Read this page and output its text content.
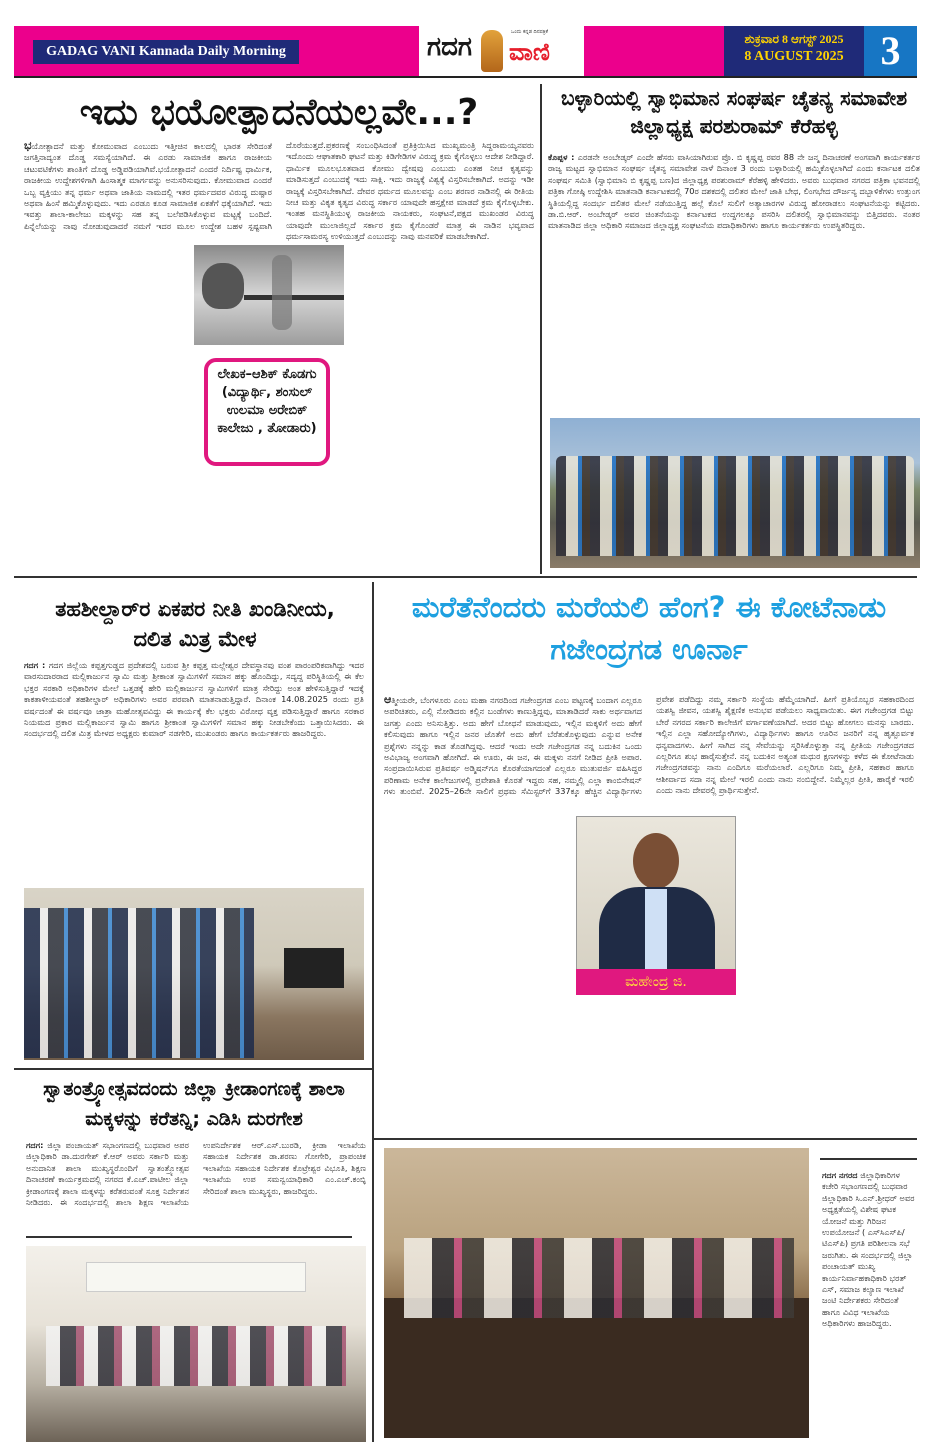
GADAG VANI Kannada Daily Morning	ಗದಗ	ಒಂದು ಕನ್ನಡ ದಿನಪತ್ರಿಕೆ
ವಾಣಿ	ಶುಕ್ರವಾರ 8 ಆಗಸ್ಟ್ 2025
8 AUGUST 2025 3
ಇದು ಭಯೋತ್ಪಾದನೆಯಲ್ಲವೇ...?
ಭಯೋತ್ಪಾದನೆ ಮತ್ತು ಕೋಮುವಾದ ಎಂಬುದು ಇತ್ತೀಚಿನ ಕಾಲದಲ್ಲಿ ಭಾರತ ಸೇರಿದಂತೆ ಜಗತ್ತಿನಾದ್ಯಂತ ದೊಡ್ಡ ಸಮಸ್ಯೆಯಾಗಿದೆ. ಈ ಎರಡು ಸಾಮಾಜಿಕ ಹಾಗೂ ರಾಜಕೀಯ ಚಟುವಟಿಕೆಗಳು ಶಾಂತಿಗೆ ದೊಡ್ಡ ಅಡ್ಡಿಪಡಿಯಾಗಿವೆ.ಭಯೋತ್ಪಾದನೆ ಎಂದರೆ ನಿರ್ದಿಷ್ಟ ಧಾರ್ಮಿಕ, ರಾಜಕೀಯ ಉದ್ದೇಶಗಳಿಗಾಗಿ ಹಿಂಸಾತ್ಮಕ ಮಾರ್ಗವನ್ನು ಅನುಸರಿಸುವುದು. ಕೋಮುವಾದ ಎಂದರೆ ಒಬ್ಬ ವ್ಯಕ್ತಿಯು ತನ್ನ ಧರ್ಮ ಅಥವಾ ಜಾತಿಯ ನಾಮದಲ್ಲಿ ಇತರ ಧರ್ಮದವರ ವಿರುದ್ಧ ದುಷ್ಪಾರ ಅಥವಾ ಹಿಂಸೆ ಹಮ್ಮಿಕೊಳ್ಳುವುದು. ಇದು ಎರಡೂ ಕೂಡ ಸಾಮಾಜಿಕ ಏಕತೆಗೆ ಧಕ್ಕೆಯಾಗಿದೆ. ಇದು ಇವತ್ತು ಶಾಲಾ-ಕಾಲೇಜು ಮಕ್ಕಳನ್ನು ಸಹ ತನ್ನ ಬಲೆಪಡಿಸಿಕೊಳ್ಳುವ ಮಟ್ಟಕ್ಕೆ ಬಂದಿದೆ. ಪಿನ್ನೆಲೆಯನ್ನು ನಾವು ನೋಡುವುದಾದರೆ ನಮಗೆ ಇದರ ಮೂಲ ಉದ್ದೇಶ ಬಹಳ ಸ್ಪಷ್ಟವಾಗಿ ದೊರೆಯುತ್ತದೆ.ಪ್ರಕರಣಕ್ಕೆ ಸಂಬಂಧಿಸಿದಂತೆ ಪ್ರತಿಕ್ರಿಯಿಸಿದ ಮುಖ್ಯಮಂತ್ರಿ ಸಿದ್ದರಾಮಯ್ಯನವರು ಇದೊಂದು ಆಘಾತಕಾರಿ ಘಟನೆ ಮತ್ತು ಕಿಡಿಗೇಡಿಗಳ ವಿರುದ್ಧ ಕ್ರಮ ಕೈಗೊಳ್ಳಲು ಆದೇಶ ನೀಡಿದ್ದಾರೆ. ಧಾರ್ಮಿಕ ಮೂಲಭೂತವಾದ ಕೋಮು ದ್ವೇಷವು ಎಂಬುದು ಎಂತಹ ನೀಚ ಕೃತ್ಯವನ್ನು ಮಾಡಿಸುತ್ತದೆ ಎಂಬುದಕ್ಕೆ ಇದು ಸಾಕ್ಷಿ. ಇದು ರಾಜ್ಯಕ್ಕೆ ವಿಶ್ವಕ್ಕೆ ವಿಸ್ತರಿಸಬೇಕಾಗಿದೆ. ಅದನ್ನು ಇಡೀ ರಾಜ್ಯಕ್ಕೆ ವಿಸ್ತರಿಸಬೇಕಾಗಿದೆ. ದೇವರ ಧರ್ಮದ ಮೂಲವನ್ನು ಎಂಬ ಶರಣರ ನಾಡಿನಲ್ಲಿ ಈ ರೀತಿಯ ನೀಚ ಮತ್ತು ವಿಕೃತ ಕೃತ್ಯದ ವಿರುದ್ಧ ಸರ್ಕಾರ ಯಾವುದೇ ಹಸ್ತಕ್ಷೇಪ ಮಾಡದೆ ಕ್ರಮ ಕೈಗೊಳ್ಳಬೇಕು. ಇಂತಹ ಮನಸ್ಥಿತಿಯುಳ್ಳ ರಾಜಕೀಯ ನಾಯಕರು, ಸಂಘಟನೆ,ಪಕ್ಷದ ಮುಖಂಡರ ವಿರುದ್ಧ ಯಾವುದೇ ಮುಲಾಜಿಲ್ಲದೆ ಸರ್ಕಾರ ಕ್ರಮ ಕೈಗೊಂಡರೆ ಮಾತ್ರ ಈ ನಾಡಿನ ಭವ್ಯವಾದ ಧರ್ಮಸಾಮರಸ್ಯ ಉಳಿಯುತ್ತದೆ ಎಂಬುದನ್ನು ನಾವು ಮನವರಿಕೆ ಮಾಡಬೇಕಾಗಿದೆ.
ಲೇಖಕ–ಆಶಿಕ್ ಕೊಡಗು (ವಿದ್ಯಾರ್ಥಿ, ಶಂಸುಲ್ ಉಲಮಾ ಅರೇಬಿಕ್ ಕಾಲೇಜು , ತೋಡಾರು)
ಬಳ್ಳಾರಿಯಲ್ಲಿ ಸ್ವಾಭಿಮಾನ ಸಂಘರ್ಷ ಚೈತನ್ಯ ಸಮಾವೇಶ ಜಿಲ್ಲಾಧ್ಯಕ್ಷ ಪರಶುರಾಮ್ ಕೆರೆಹಳ್ಳಿ
ಕೊಪ್ಪಳ : ಎರಡನೇ ಅಂಬೇಡ್ಕರ್ ಎಂದೇ ಹೆಸರು ವಾಸಿಯಾಗಿರುವ ಪ್ರೊ. ಬಿ ಕೃಷ್ಣಪ್ಪ ರವರ 88 ನೇ ಜನ್ಮ ದಿನಾಚರಣೆ ಅಂಗವಾಗಿ ಕಾರ್ಯಕರ್ತರ ರಾಜ್ಯ ಮಟ್ಟದ ಸ್ವಾಭಿಮಾನ ಸಂಘರ್ಷ ಚೈತನ್ಯ ಸಮಾವೇಶ ನಾಳೆ ದಿನಾಂಕ 3 ರಂದು ಬಳ್ಳಾರಿಯಲ್ಲಿ ಹಮ್ಮಿಕೊಳ್ಳಲಾಗಿದೆ ಎಂದು ಕರ್ನಾಟಕ ದಲಿತ ಸಂಘರ್ಷ ಸಮಿತಿ (ಸ್ವಾಭಿಮಾನಿ ಬಿ ಕೃಷ್ಣಪ್ಪ ಬಣ)ದ ಜಿಲ್ಲಾಧ್ಯಕ್ಷ ಪರಶುರಾಮ್ ಕೆರೆಹಳ್ಳಿ ಹೇಳಿದರು. ಅವರು ಬುಧವಾರ ನಗರದ ಪತ್ರಿಕಾ ಭವನದಲ್ಲಿ ಪತ್ರಿಕಾ ಗೋಷ್ಠಿ ಉದ್ದೇಶಿಸಿ ಮಾತನಾಡಿ ಕರ್ನಾಟಕದಲ್ಲಿ 70ರ ದಶಕದಲ್ಲಿ ದಲಿತರ ಮೇಲೆ ಜಾತಿ ಬೇಧ, ಲಿಂಗಭೇದ ದೌರ್ಜನ್ಯ ದಬ್ಬಾಳಿಕೆಗಳು ಉತ್ತುಂಗ ಸ್ಥಿತಿಯಲ್ಲಿದ್ದ ಸಂದರ್ಭ ದಲಿತರ ಮೇಲೆ ನಡೆಯುತ್ತಿದ್ದ ಹಲ್ಲೆ ಕೊಲೆ ಸುಲಿಗೆ ಅತ್ಯಾಚಾರಗಳ ವಿರುದ್ಧ ಹೋರಾಡಲು ಸಂಘಟನೆಯನ್ನು ಕಟ್ಟಿದರು. ಡಾ.ಬಿ.ಆರ್. ಅಂಬೇಡ್ಕರ್ ಅವರ ಚಿಂತನೆಯನ್ನು ಕರ್ನಾಟಕದ ಉದ್ದಗಲಕ್ಕೂ ಪಸರಿಸಿ ದಲಿತರಲ್ಲಿ ಸ್ವಾಭಿಮಾನವನ್ನು ಬಿತ್ತಿದವರು. ನಂತರ ಮಾತನಾಡಿದ ಜಿಲ್ಲಾ ಅಧಿಕಾರಿ ಸಮಾಜದ ಜಿಲ್ಲಾಧ್ಯಕ್ಷ ಸಂಘಟನೆಯ ಪದಾಧಿಕಾರಿಗಳು ಹಾಗೂ ಕಾರ್ಯಕರ್ತರು ಉಪಸ್ಥಿತರಿದ್ದರು.
ತಹಶೀಲ್ದಾರ್‌ರ ಏಕಪರ ನೀತಿ ಖಂಡಿನೀಯ, ದಲಿತ ಮಿತ್ರ ಮೇಳ
ಗದಗ : ಗದಗ ಜಿಲ್ಲೆಯ ಕಪ್ಪತ್ತಗುಡ್ಡದ ಪ್ರದೇಶದಲ್ಲಿ ಬರುವ ಶ್ರೀ ಕಪ್ಪತ್ತ ಮಲ್ಲೇಶ್ವರ ದೇವಸ್ಥಾನವು ವಂಶ ಪಾರಂಪರಿಕವಾಗಿದ್ದು ಇದರ ವಾರಸುದಾರರಾದ ಮಲ್ಲಿಕಾರ್ಜುನ ಸ್ವಾಮಿ ಮತ್ತು ಶ್ರೀಕಾಂತ ಸ್ವಾಮಿಗಳಿಗೆ ಸಮಾನ ಹಕ್ಕು ಹೊಂದಿದ್ದು, ಸದ್ಯದ್ದ ಪರಿಸ್ಥಿತಿಯಲ್ಲಿ ಈ ಕೆಲ ಭಕ್ತರ ಸರಕಾರಿ ಅಧಿಕಾರಿಗಳ ಮೇಲೆ ಒತ್ತಡಕ್ಕೆ ಹೇರಿ ಮಲ್ಲಿಕಾರ್ಜುನ ಸ್ವಾಮಿಗಳಿಗೆ ಮಾತ್ರ ಸೇರಿದ್ದು ಅಂತ ಹೇಳಿಸುತ್ತಿದ್ದಾರೆ ಇದಕ್ಕೆ ಕಾಕತಾಳೀಯವಂತೆ ತಹಶೀಲ್ದಾರ್ ಅಧಿಕಾರಿಗಳು ಅವರ ಪರವಾಗಿ ಮಾತನಾಡುತ್ತಿದ್ದಾರೆ. ದಿನಾಂಕ 14.08.2025 ರಂದು ಪ್ರತಿ ವರ್ಷದಂತೆ ಈ ವರ್ಷವೂ ಜಾತ್ರಾ ಮಹೋತ್ಸವವಿದ್ದು ಈ ಕಾರ್ಯಕ್ಕೆ ಕೆಲ ಭಕ್ತರು ವಿರೋಧ ವ್ಯಕ್ತ ಪಡಿಸುತ್ತಿದ್ದಾರೆ ಹಾಗೂ ಸರಕಾರ ನಿಯಮದ ಪ್ರಕಾರ ಮಲ್ಲಿಕಾರ್ಜುನ ಸ್ವಾಮಿ ಹಾಗೂ ಶ್ರೀಕಾಂತ ಸ್ವಾಮಿಗಳಿಗೆ ಸಮಾನ ಹಕ್ಕು ನೀಡಬೇಕೆಂದು ಒತ್ತಾಯಿಸಿದರು. ಈ ಸಂದರ್ಭದಲ್ಲಿ ದಲಿತ ಮಿತ್ರ ಮೇಳದ ಅಧ್ಯಕ್ಷರು ಕುಮಾರ್ ನಡಗೇರಿ, ಮುಖಂಡರು ಹಾಗೂ ಕಾರ್ಯಕರ್ತರು ಹಾಜರಿದ್ದರು.
ಮರೆತೆನೆಂದರು ಮರೆಯಲಿ ಹೆಂಗ? ಈ ಕೋಟೆನಾಡು ಗಜೇಂದ್ರಗಡ ಊರ್ನಾ
ಆತ್ಮೀಯರೇ, ಬೆಂಗಳೂರು ಎಂಬ ಮಹಾ ನಗರದಿಂದ ಗಜೇಂದ್ರಗಡ ಎಂಬ ಪಟ್ಟಣಕ್ಕೆ ಬಂದಾಗ ಎಲ್ಲರೂ ಅಪರಿಚಿತರು, ಎಲ್ಲಿ ನೋಡಿದರು ಕಲ್ಲಿನ ಬಂಡೆಗಳು ಕಾಣುತ್ತಿದ್ದವು, ಮಾತಾಡಿದರೆ ಸಾಕು ಅರ್ಥವಾಗದ ಜಗತ್ತು ಎಂದು ಅನಿಸುತ್ತಿತ್ತು. ಅದು ಹೇಗೆ ಬೋಧನೆ ಮಾಡುವುದು, ಇಲ್ಲಿನ ಮಕ್ಕಳಿಗೆ ಅದು ಹೇಗೆ ಕಲಿಸುವುದು ಹಾಗೂ ಇಲ್ಲಿನ ಜನರ ಜೊತೆಗೆ ಅದು ಹೇಗೆ ಬೆರೆತುಕೊಳ್ಳುವುದು ಎನ್ನುವ ಅನೇಕ ಪ್ರಶ್ನೆಗಳು ನನ್ನನ್ನು ಕಾಡ ತೊಡಗಿದ್ದವು. ಆದರೆ ಇಂದು ಅದೇ ಗಜೇಂದ್ರಗಡ ನನ್ನ ಬದುಕಿನ ಒಂದು ಅವಿಭಾಜ್ಯ ಅಂಗವಾಗಿ ಹೋಗಿದೆ. ಈ ಊರು, ಈ ಜನ, ಈ ಮಕ್ಕಳು ನನಗೆ ನೀಡಿದ ಪ್ರೀತಿ ಅಪಾರ. ಸಂಪ್ರದಾಯಿಸಿರುವ ಪ್ರತಿವರ್ಷ ಅಡ್ಮಿಷನ್‌ಗೂ ಕೊರತೆಯಾಗದಂತೆ ಎಲ್ಲರೂ ಮುತುವರ್ಜಿ ವಹಿಸಿದ್ದರ ಪರಿಣಾಮ ಅನೇಕ ಕಾಲೇಜುಗಳಲ್ಲಿ ಪ್ರವೇಶಾತಿ ಕೊರತೆ ಇದ್ದರು ಸಹ, ನಮ್ಮಲ್ಲಿ ಎಲ್ಲಾ ಕಾಂಬಿನೇಷನ್ ಗಳು ತುಂಬಿವೆ. 2025–26ನೇ ಸಾಲಿಗೆ ಪ್ರಥಮ ಸೆಮಿಸ್ಟರ್‌ಗೆ 337ಕ್ಕೂ ಹೆಚ್ಚಿನ ವಿದ್ಯಾರ್ಥಿಗಳು ಪ್ರವೇಶ ಪಡೆದಿದ್ದು ನಮ್ಮ ಸರ್ಕಾರಿ ಸಂಸ್ಥೆಯ ಹೆಮ್ಮೆಯಾಗಿದೆ. ಹೀಗೆ ಪ್ರತಿಯೊಬ್ಬರ ಸಹಕಾರದಿಂದ ಯಶಸ್ವಿ ಜೀವನ, ಯಶಸ್ವಿ ಶೈಕ್ಷಣಿಕ ಅನುಭವ ಪಡೆಯಲು ಸಾಧ್ಯವಾಯಿತು. ಈಗ ಗಜೇಂದ್ರಗಡ ಬಿಟ್ಟು ಬೇರೆ ನಗರದ ಸರ್ಕಾರಿ ಕಾಲೇಜಿಗೆ ವರ್ಗಾವಣೆಯಾಗಿದೆ. ಅದರ ಬಿಟ್ಟು ಹೋಗಲು ಮನಸ್ಸು ಬಾರದು. ಇಲ್ಲಿನ ಎಲ್ಲಾ ಸಹೋದ್ಯೋಗಿಗಳು, ವಿದ್ಯಾರ್ಥಿಗಳು ಹಾಗೂ ಊರಿನ ಜನರಿಗೆ ನನ್ನ ಹೃತ್ಪೂರ್ವಕ ಧನ್ಯವಾದಗಳು. ಹೀಗೆ ಸಾಗಿದ ನನ್ನ ಸೇವೆಯನ್ನು ಸ್ಮರಿಸಿಕೊಳ್ಳುತ್ತಾ ನನ್ನ ಪ್ರೀತಿಯ ಗಜೇಂದ್ರಗಡದ ಎಲ್ಲರಿಗೂ ಶುಭ ಹಾರೈಸುತ್ತೇನೆ. ನನ್ನ ಬದುಕಿನ ಅತ್ಯಂತ ಮಧುರ ಕ್ಷಣಗಳನ್ನು ಕಳೆದ ಈ ಕೋಟೆನಾಡು ಗಜೇಂದ್ರಗಡವನ್ನು ನಾನು ಎಂದಿಗೂ ಮರೆಯಲಾರೆ. ಎಲ್ಲರಿಗೂ ನಿಮ್ಮ ಪ್ರೀತಿ, ಸಹಕಾರ ಹಾಗೂ ಆಶೀರ್ವಾದ ಸದಾ ನನ್ನ ಮೇಲೆ ಇರಲಿ ಎಂದು ನಾನು ನಂಬಿದ್ದೇನೆ. ನಿಮ್ಮೆಲ್ಲರ ಪ್ರೀತಿ, ಹಾರೈಕೆ ಇರಲಿ ಎಂದು ನಾನು ದೇವರಲ್ಲಿ ಪ್ರಾರ್ಥಿಸುತ್ತೇನೆ.
ಮಹೇಂದ್ರ ಜಿ.
ಸ್ವಾತಂತ್ರ್ಯೋತ್ಸವದಂದು ಜಿಲ್ಲಾ ಕ್ರೀಡಾಂಗಣಕ್ಕೆ ಶಾಲಾ ಮಕ್ಕಳನ್ನು ಕರೆತನ್ನಿ; ಎಡಿಸಿ ದುರಗೇಶ
ಗದಗ: ಜಿಲ್ಲಾ ಪಂಚಾಯತ್ ಸಭಾಂಗಣದಲ್ಲಿ ಬುಧವಾರ ಅಪರ ಜಿಲ್ಲಾಧಿಕಾರಿ ಡಾ.ದುರಗೇಶ್ ಕೆ.ಆರ್ ಅವರು ಸರ್ಕಾರಿ ಮತ್ತು ಅನುದಾನಿತ ಶಾಲಾ ಮುಖ್ಯಸ್ಥರೊಂದಿಗೆ ಸ್ವಾತಂತ್ರ್ಯೋತ್ಸವ ದಿನಾಚರಣೆ ಕಾರ್ಯಕ್ರಮದಲ್ಲಿ ನಗರದ ಕೆ.ಎಚ್.ಪಾಟೀಲ ಜಿಲ್ಲಾ ಕ್ರೀಡಾಂಗಣಕ್ಕೆ ಶಾಲಾ ಮಕ್ಕಳನ್ನು ಕರೆತರುವಂತೆ ಸೂಕ್ತ ನಿರ್ದೇಶನ ನೀಡಿದರು. ಈ ಸಂದರ್ಭದಲ್ಲಿ ಶಾಲಾ ಶಿಕ್ಷಣ ಇಲಾಖೆಯ ಉಪನಿರ್ದೇಶಕ ಆರ್.ಎಸ್.ಬುರಡಿ, ಕ್ರೀಡಾ ಇಲಾಖೆಯ ಸಹಾಯಕ ನಿರ್ದೇಶಕ ಡಾ.ಶರಣು ಗೋಗೇರಿ, ಪ್ರಾಪಂಚಿಕ ಇಲಾಖೆಯ ಸಹಾಯಕ ನಿರ್ದೇಶಕ ಕೊಟ್ರೇಶ್ವರ ವಿಭೂತಿ, ಶಿಕ್ಷಣ ಇಲಾಖೆಯ ಉಪ ಸಮನ್ವಯಾಧಿಕಾರಿ ಎಂ.ಎಚ್.ಕಂಬ್ಳಿ ಸೇರಿದಂತೆ ಶಾಲಾ ಮುಖ್ಯಸ್ಥರು, ಹಾಜರಿದ್ದರು.
ಗದಗ ನಗರದ ಜಿಲ್ಲಾಧಿಕಾರಿಗಳ ಕಚೇರಿ ಸಭಾಂಗಣದಲ್ಲಿ ಬುಧವಾರ ಜಿಲ್ಲಾಧಿಕಾರಿ ಸಿ.ಎನ್.ಶ್ರೀಧರ್ ಅವರ ಅಧ್ಯಕ್ಷತೆಯಲ್ಲಿ ವಿಶೇಷ ಘಟಕ ಯೋಜನೆ ಮತ್ತು ಗಿರಿಜನ ಉಪಯೋಜನೆ ( ಎಸ್‌ಸಿಎಸ್‌ಪಿ/ಟಿಎಸ್‌ಪಿ) ಪ್ರಗತಿ ಪರಿಶೀಲನಾ ಸಭೆ ಜರುಗಿತು. ಈ ಸಂದರ್ಭದಲ್ಲಿ ಜಿಲ್ಲಾ ಪಂಚಾಯತ್ ಮುಖ್ಯ ಕಾರ್ಯನಿರ್ವಾಹಕಾಧಿಕಾರಿ ಭರತ್ ಎಸ್, ಸಮಾಜ ಕಲ್ಯಾಣ ಇಲಾಖೆ ಜಂಟಿ ನಿರ್ದೇಶಕರು ಸೇರಿದಂತೆ ಹಾಗೂ ವಿವಿಧ ಇಲಾಖೆಯ ಅಧಿಕಾರಿಗಳು ಹಾಜರಿದ್ದರು.
